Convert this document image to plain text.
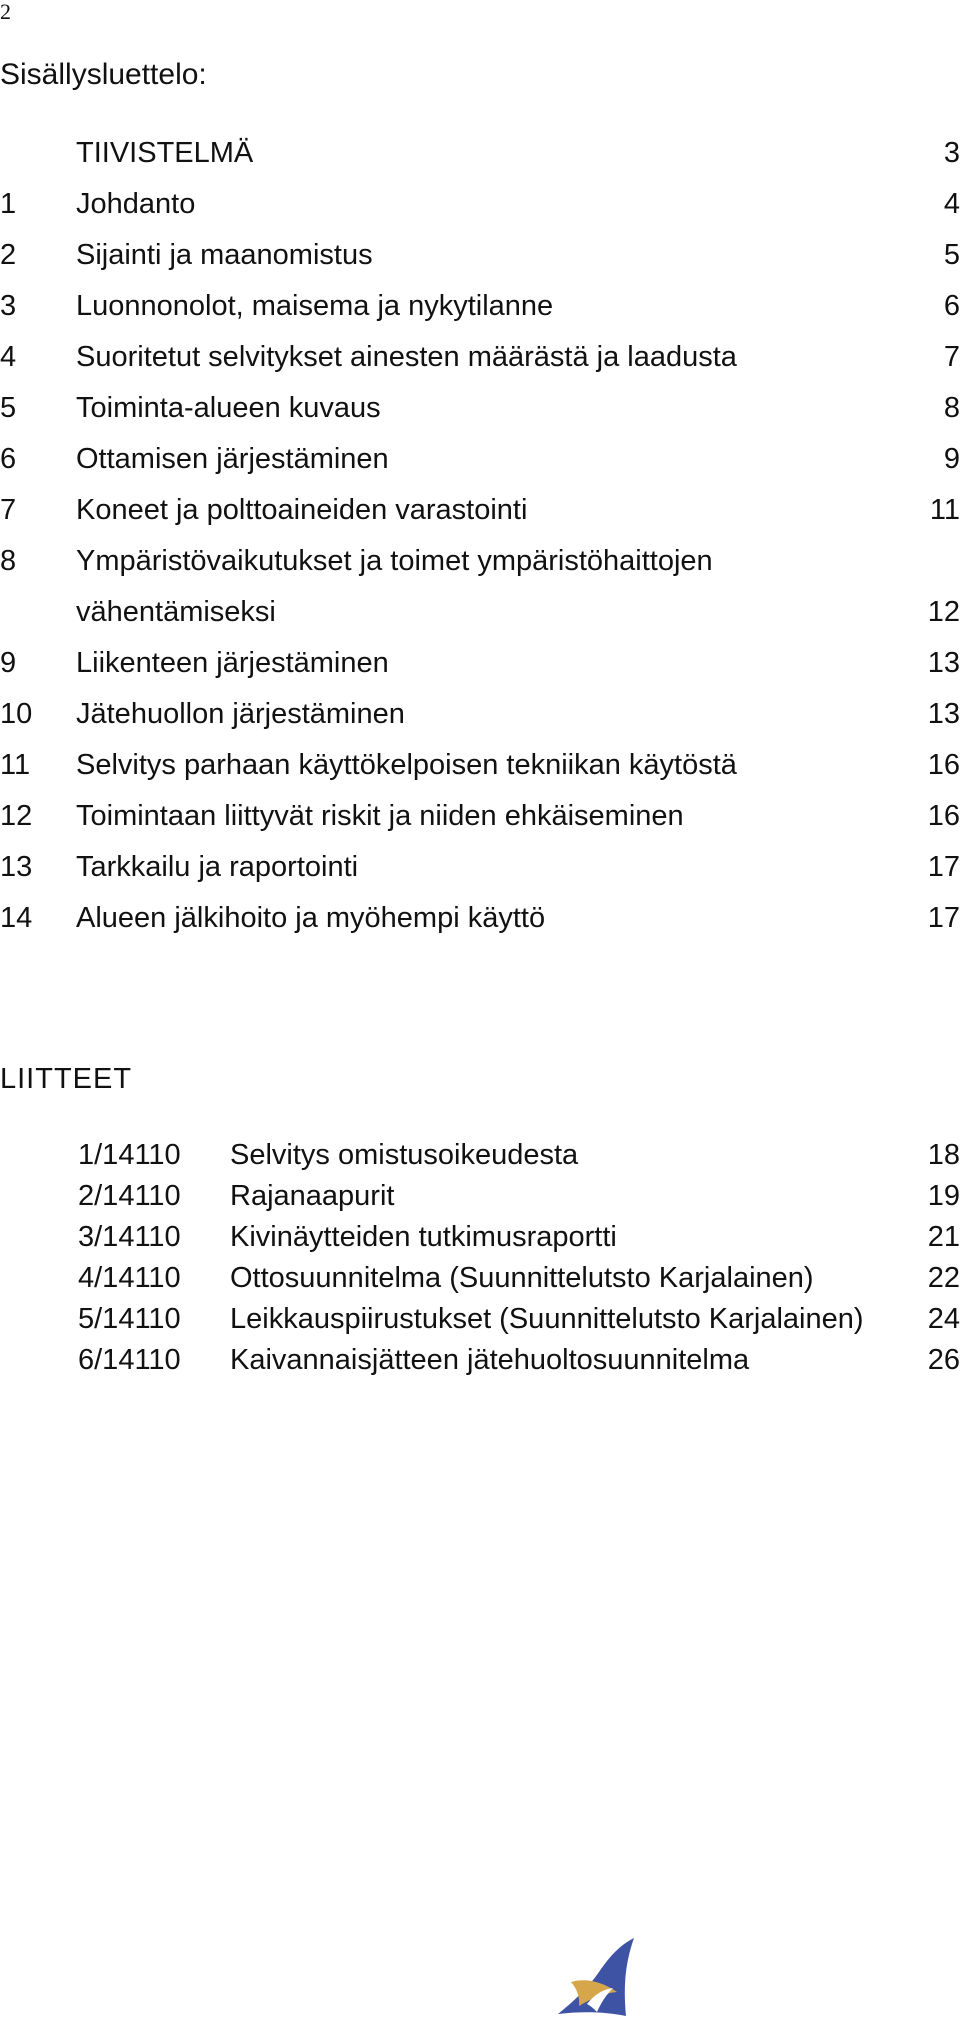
2
Sisällysluettelo:
TIIVISTELMÄ	3
1	Johdanto	4
2	Sijainti ja maanomistus	5
3	Luonnonolot, maisema ja nykytilanne	6
4	Suoritetut selvitykset ainesten määrästä ja laadusta	7
5	Toiminta-alueen kuvaus	8
6	Ottamisen järjestäminen	9
7	Koneet ja polttoaineiden varastointi	11
8	Ympäristövaikutukset ja toimet ympäristöhaittojen vähentämiseksi	12
9	Liikenteen järjestäminen	13
10	Jätehuollon järjestäminen	13
11	Selvitys parhaan käyttökelpoisen tekniikan käytöstä	16
12	Toimintaan liittyvät riskit ja niiden ehkäiseminen	16
13	Tarkkailu ja raportointi	17
14	Alueen jälkihoito ja myöhempi käyttö	17
LIITTEET
1/14110	Selvitys omistusoikeudesta	18
2/14110	Rajanaapurit	19
3/14110	Kivinäytteiden tutkimusraportti	21
4/14110	Ottosuunnitelma (Suunnittelutsto Karjalainen)	22
5/14110	Leikkauspiirustukset (Suunnittelutsto Karjalainen)	24
6/14110	Kaivannaisjätteen jätehuoltosuunnitelma	26
